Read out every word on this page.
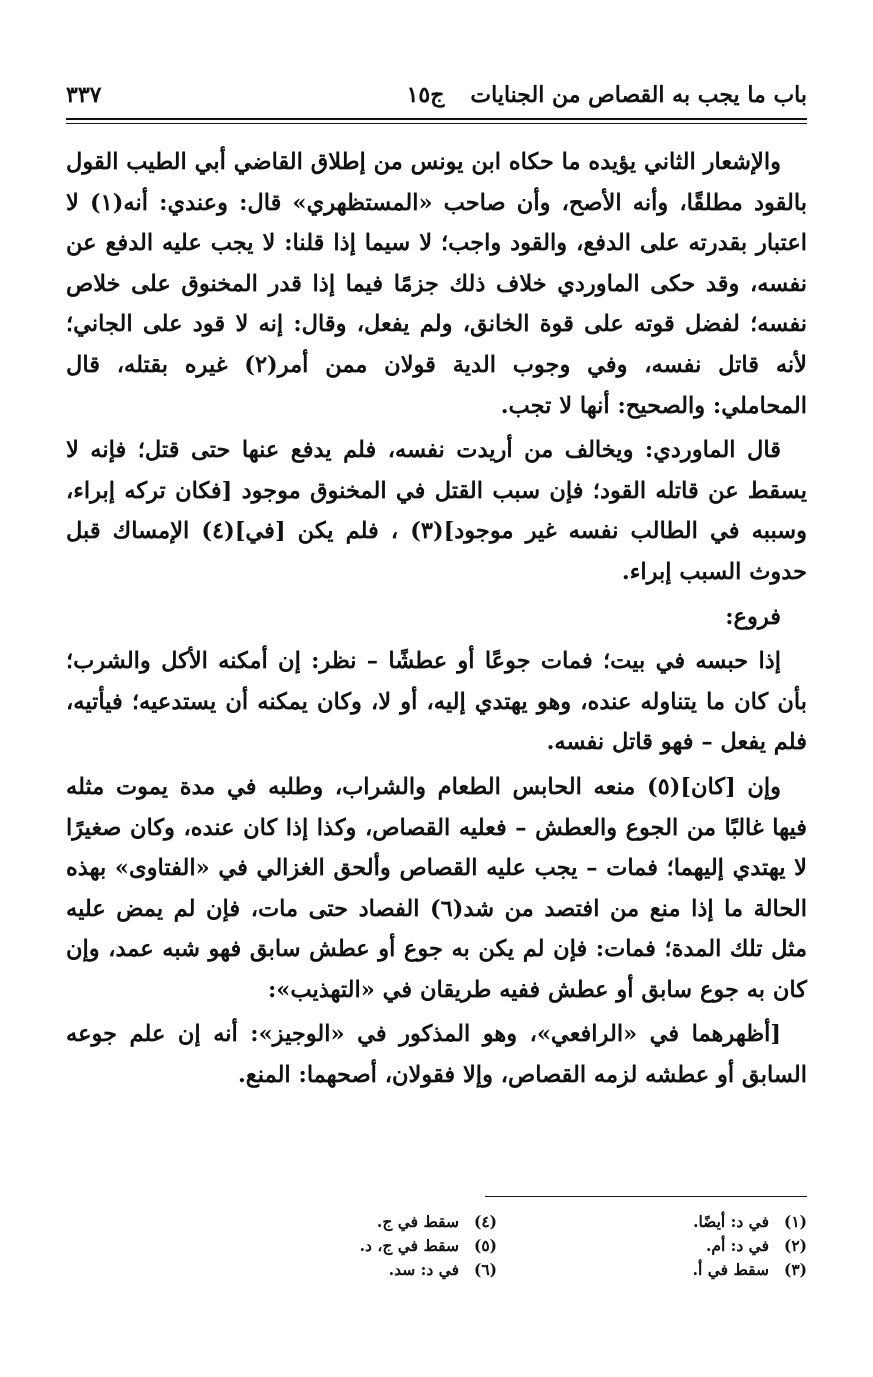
باب ما يجب به القصاص من الجنايات
ج١٥
٣٣٧

والإشعار الثاني يؤيده ما حكاه ابن يونس من إطلاق القاضي أبي الطيب القول بالقود مطلقًا، وأنه الأصح، وأن صاحب «المستظهري» قال: وعندي: أنه(١) لا اعتبار بقدرته على الدفع، والقود واجب؛ لا سيما إذا قلنا: لا يجب عليه الدفع عن نفسه، وقد حكى الماوردي خلاف ذلك جزمًا فيما إذا قدر المخنوق على خلاص نفسه؛ لفضل قوته على قوة الخانق، ولم يفعل، وقال: إنه لا قود على الجاني؛ لأنه قاتل نفسه، وفي وجوب الدية قولان ممن أمر(٢) غيره بقتله، قال المحاملي: والصحيح: أنها لا تجب.

قال الماوردي: ويخالف من أريدت نفسه، فلم يدفع عنها حتى قتل؛ فإنه لا يسقط عن قاتله القود؛ فإن سبب القتل في المخنوق موجود [فكان تركه إبراء، وسببه في الطالب نفسه غير موجود](٣) ، فلم يكن [في](٤) الإمساك قبل حدوث السبب إبراء.

فروع:

إذا حبسه في بيت؛ فمات جوعًا أو عطشًا – نظر: إن أمكنه الأكل والشرب؛ بأن كان ما يتناوله عنده، وهو يهتدي إليه، أو لا، وكان يمكنه أن يستدعيه؛ فيأتيه، فلم يفعل – فهو قاتل نفسه.

وإن [كان](٥) منعه الحابس الطعام والشراب، وطلبه في مدة يموت مثله فيها غالبًا من الجوع والعطش – فعليه القصاص، وكذا إذا كان عنده، وكان صغيرًا لا يهتدي إليهما؛ فمات – يجب عليه القصاص وألحق الغزالي في «الفتاوى» بهذه الحالة ما إذا منع من افتصد من شد(٦) الفصاد حتى مات، فإن لم يمض عليه مثل تلك المدة؛ فمات: فإن لم يكن به جوع أو عطش سابق فهو شبه عمد، وإن كان به جوع سابق أو عطش ففيه طريقان في «التهذيب»:

[أظهرهما في «الرافعي»، وهو المذكور في «الوجيز»: أنه إن علم جوعه السابق أو عطشه لزمه القصاص، وإلا فقولان، أصحهما: المنع.

(١)
في د: أيضًا.
(٢)
في د: أم.
(٣)
سقط في أ.
(٤)
سقط في ج.
(٥)
سقط في ج، د.
(٦)
في د: سد.
